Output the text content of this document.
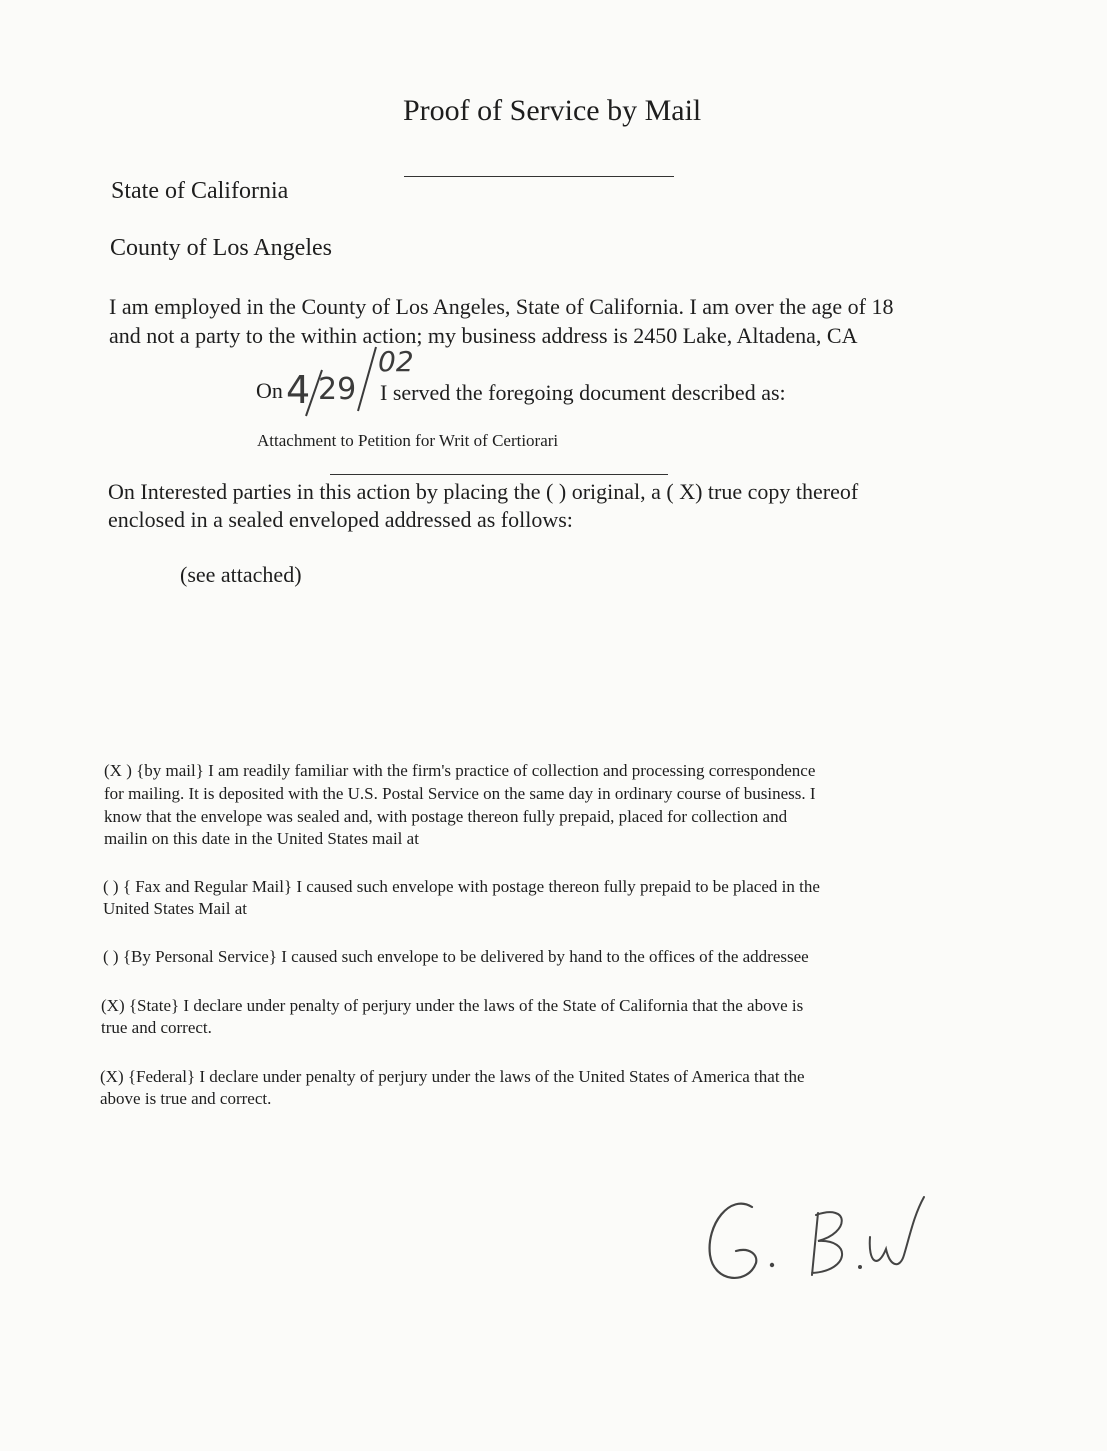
Proof of Service by Mail
State of California
County of Los Angeles
I am employed in the County of Los Angeles, State of California. I am over the age of 18
and not a party to the within action; my business address is 2450 Lake, Altadena, CA
On 4 29
02
I served the foregoing document described as:
Attachment to Petition for Writ of Certiorari
On Interested parties in this action by placing the ( ) original, a ( X) true copy thereof
enclosed in a sealed enveloped addressed as follows:
(see attached)
(X ) {by mail} I am readily familiar with the firm's practice of collection and processing correspondence
for mailing. It is deposited with the U.S. Postal Service on the same day in ordinary course of business. I
know that the envelope was sealed and, with postage thereon fully prepaid, placed for collection and
mailin on this date in the United States mail at
( ) { Fax and Regular Mail} I caused such envelope with postage thereon fully prepaid to be placed in the
United States Mail at
( ) {By Personal Service} I caused such envelope to be delivered by hand to the offices of the addressee
(X) {State} I declare under penalty of perjury under the laws of the State of California that the above is
true and correct.
(X) {Federal} I declare under penalty of perjury under the laws of the United States of America that the
above is true and correct.
